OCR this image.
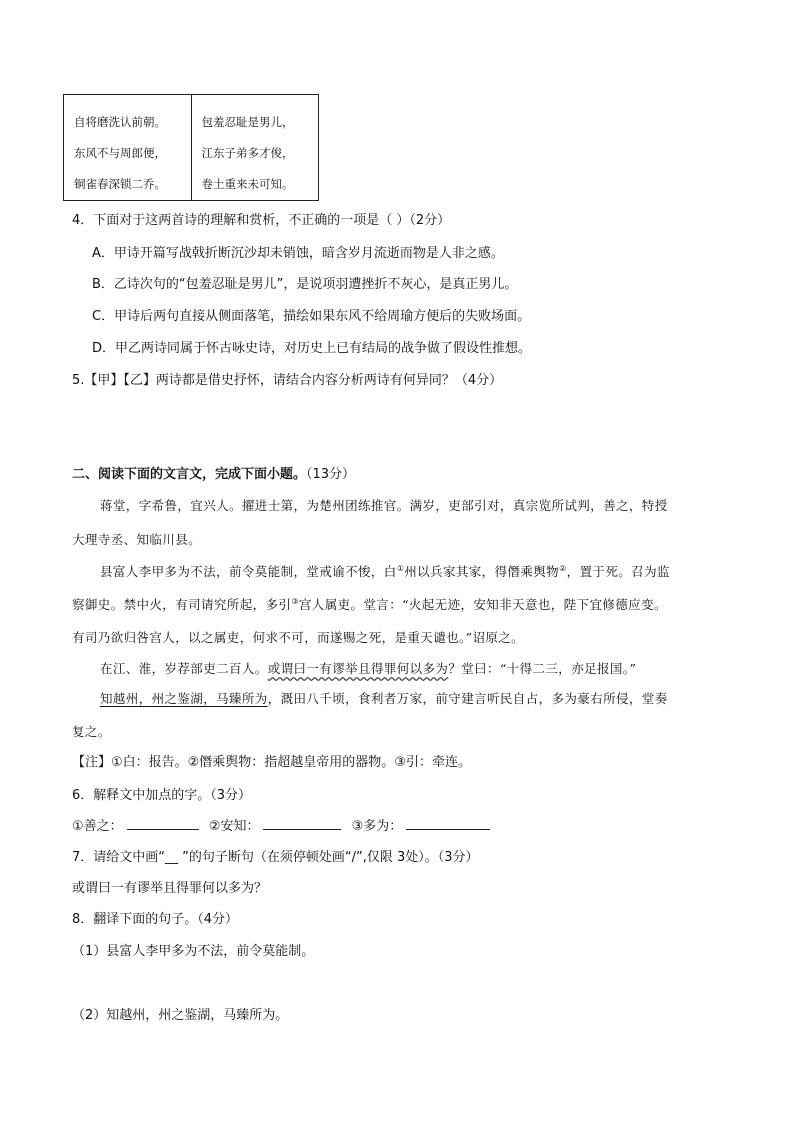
自将磨洗认前朝。
东风不与周郎便，
铜雀春深锁二乔。
包羞忍耻是男儿，
江东子弟多才俊，
卷土重来未可知。
4．下面对于这两首诗的理解和赏析，不正确的一项是（ ）（2分）
A．甲诗开篇写战戟折断沉沙却未销蚀，暗含岁月流逝而物是人非之感。
B．乙诗次句的“包羞忍耻是男儿”，是说项羽遭挫折不灰心，是真正男儿。
C．甲诗后两句直接从侧面落笔，描绘如果东风不给周瑜方便后的失败场面。
D．甲乙两诗同属于怀古咏史诗，对历史上已有结局的战争做了假设性推想。
5.【甲】【乙】两诗都是借史抒怀，请结合内容分析两诗有何异同？（4分）
二、阅读下面的文言文，完成下面小题。（13分）
蒋堂，字希鲁，宜兴人。擢进士第，为楚州团练推官。满岁，吏部引对，真宗览所试判，善之，特授
大理寺丞、知临川县。
县富人李甲多为不法，前令莫能制，堂戒谕不悛，白①州以兵家其家，得僭乘舆物②，置于死。召为监
察御史。禁中火，有司请究所起，多引③宫人属吏。堂言：“火起无迹，安知非天意也，陛下宜修德应变。
有司乃欲归咎宫人，以之属吏，何求不可，而遂赐之死，是重天谴也。”诏原之。
在江、淮，岁荐部吏二百人。或谓曰一有谬举且得罪何以多为？堂曰：“十得二三，亦足报国。”
知越州，州之鉴湖，马臻所为，溉田八千顷，食利者万家，前守建言听民自占，多为豪右所侵，堂奏
复之。
【注】①白：报告。②僭乘舆物：指超越皇帝用的器物。③引：牵连。
6．解释文中加点的字。（3分）
①善之：	②安知：	③多为：
7．请给文中画“__ ”的句子断句（在须停顿处画“/”,仅限 3处）。（3分）
或谓曰一有谬举且得罪何以多为？
8．翻译下面的句子。（4分）
（1）县富人李甲多为不法，前令莫能制。
（2）知越州，州之鉴湖，马臻所为。
